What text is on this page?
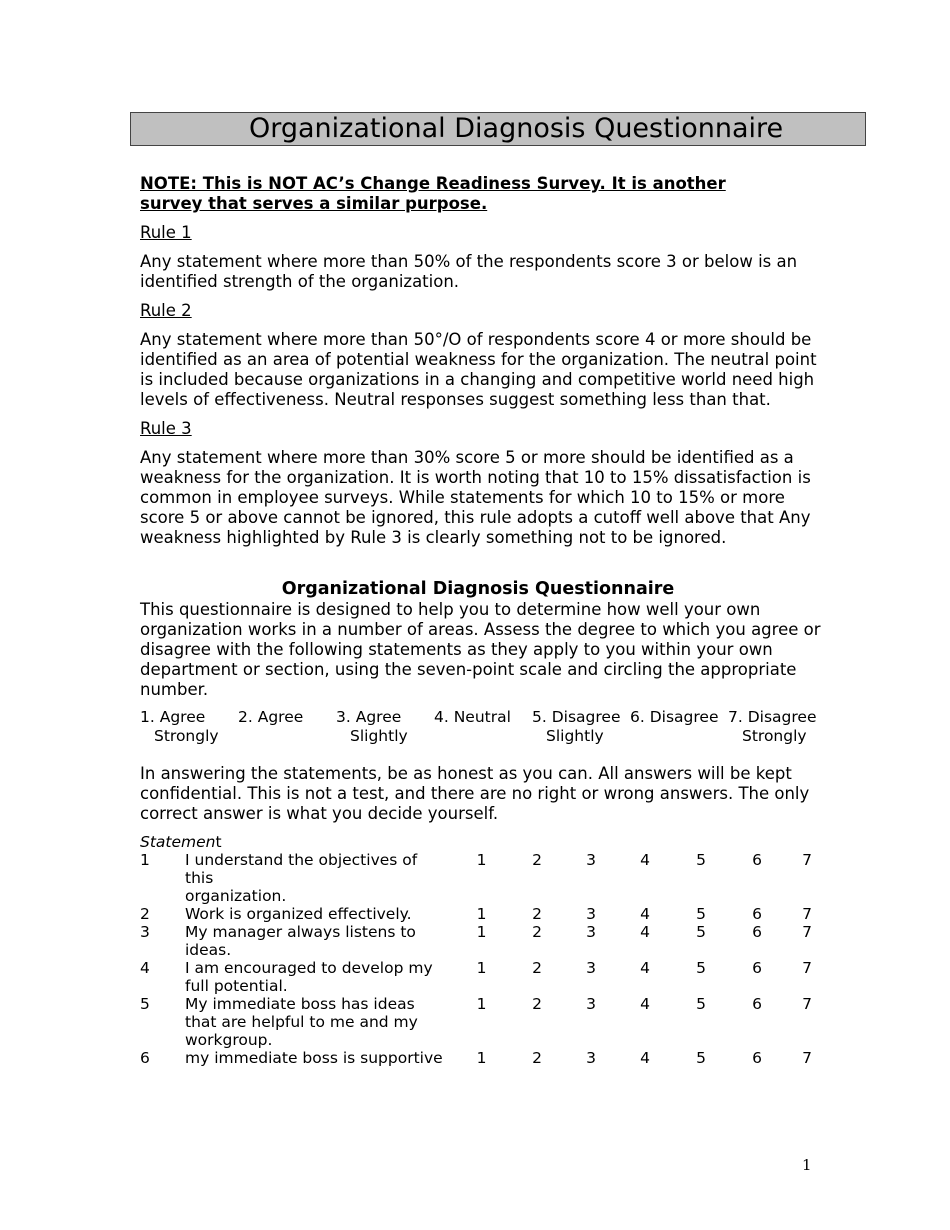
Organizational Diagnosis Questionnaire
NOTE: This is NOT AC’s Change Readiness Survey. It is another
survey that serves a similar purpose.
Rule 1
Any statement where more than 50% of the respondents score 3 or below is an identified strength of the organization.
Rule 2
Any statement where more than 50°/O of respondents score 4 or more should be identified as an area of potential weakness for the organization. The neutral point is included because organizations in a changing and competitive world need high levels of effectiveness. Neutral responses suggest something less than that.
Rule 3
Any statement where more than 30% score 5 or more should be identified as a weakness for the organization. It is worth noting that 10 to 15% dissatisfaction is common in employee surveys. While statements for which 10 to 15% or more score 5 or above cannot be ignored, this rule adopts a cutoff well above that Any weakness highlighted by Rule 3 is clearly something not to be ignored.
Organizational Diagnosis Questionnaire
This questionnaire is designed to help you to determine how well your own organization works in a number of areas. Assess the degree to which you agree or disagree with the following statements as they apply to you within your own department or section, using the seven-point scale and circling the appropriate number.
1. Agree
Strongly
2. Agree 3. Agree
Slightly
4. Neutral 5. Disagree
Slightly
6. Disagree 7. Disagree
Strongly
In answering the statements, be as honest as you can. All answers will be kept confidential. This is not a test, and there are no right or wrong answers. The only correct answer is what you decide yourself.
Statement
1	I understand the objectives of
this
organization.	1	2	3	4	5	6	7
2	Work is organized effectively.	1	2	3	4	5	6	7
3	My manager always listens to
ideas.	1	2	3	4	5	6	7
4	I am encouraged to develop my
full potential.	1	2	3	4	5	6	7
5	My immediate boss has ideas
that are helpful to me and my
workgroup.	1	2	3	4	5	6	7
6	my immediate boss is supportive	1	2	3	4	5	6	7
1
